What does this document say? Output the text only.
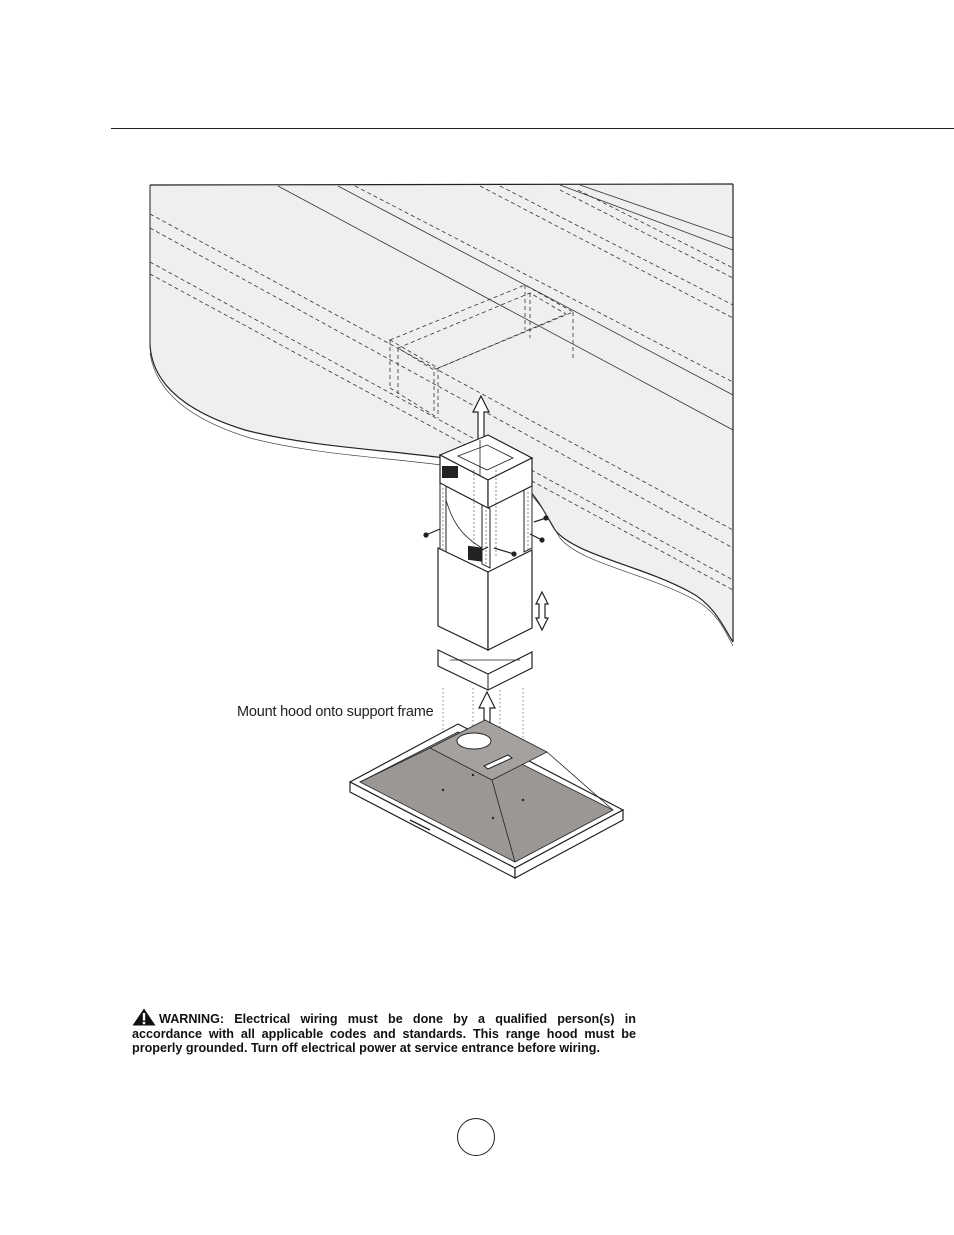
Mount hood onto support frame
WARNING: Electrical wiring must be done by a qualified person(s) in accordance with all applicable codes and standards. This range hood must be properly grounded. Turn off electrical power at service entrance before wiring.
